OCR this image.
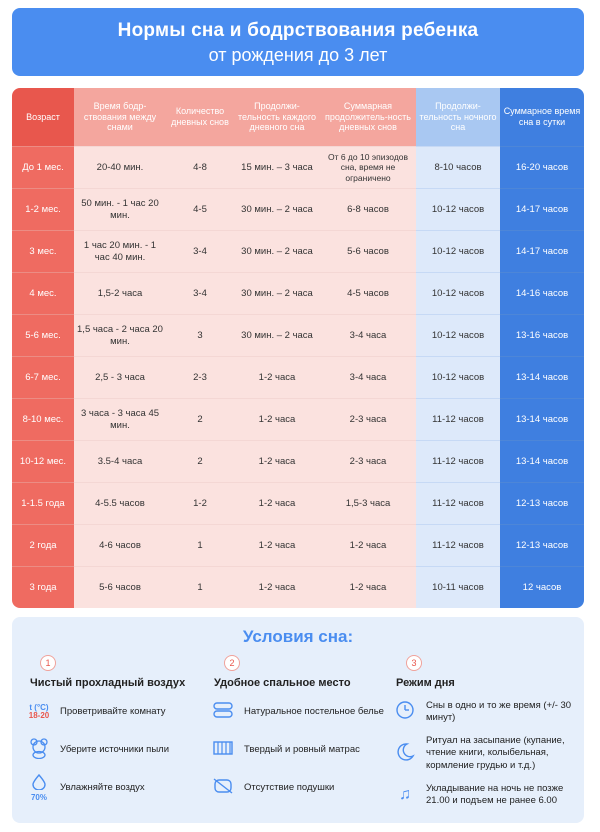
Нормы сна и бодрствования ребенка
от рождения до 3 лет
Возраст	Время бодр-ствования между снами	Количество дневных снов	Продолжи-тельность каждого дневного сна	Суммарная продолжитель-ность дневных снов	Продолжи-тельность ночного сна	Суммарное время сна в сутки
До 1 мес.	20-40 мин.	4-8	15 мин. – 3 часа	От 6 до 10 эпизодов сна, время не ограничено	8-10 часов	16-20 часов
1-2 мес.	50 мин. - 1 час 20 мин.	4-5	30 мин. – 2 часа	6-8 часов	10-12 часов	14-17 часов
3 мес.	1 час 20 мин. - 1 час 40 мин.	3-4	30 мин. – 2 часа	5-6 часов	10-12 часов	14-17 часов
4 мес.	1,5-2 часа	3-4	30 мин. – 2 часа	4-5 часов	10-12 часов	14-16 часов
5-6 мес.	1,5 часа - 2 часа 20 мин.	3	30 мин. – 2 часа	3-4 часа	10-12 часов	13-16 часов
6-7 мес.	2,5 - 3 часа	2-3	1-2 часа	3-4 часа	10-12 часов	13-14 часов
8-10 мес.	3 часа - 3 часа 45 мин.	2	1-2 часа	2-3 часа	11-12 часов	13-14 часов
10-12 мес.	3.5-4 часа	2	1-2 часа	2-3 часа	11-12 часов	13-14 часов
1-1.5 года	4-5.5 часов	1-2	1-2 часа	1,5-3 часа	11-12 часов	12-13 часов
2 года	4-6 часов	1	1-2 часа	1-2 часа	11-12 часов	12-13 часов
3 года	5-6 часов	1	1-2 часа	1-2 часа	10-11 часов	12 часов
Условия сна:
1
Чистый прохладный воздух
t (°C)
18-20	Проветривайте комнату
Уберите источники пыли
70%
Увлажняйте воздух
2
Удобное спальное место
Натуральное постельное белье
Твердый и ровный матрас
Отсутствие подушки
3
Режим дня
Сны в одно и то же время (+/- 30 минут)
Ритуал на засыпание (купание, чтение книги, колыбельная, кормление грудью и т.д.)
♫	Укладывание на ночь не позже 21.00 и подъем не ранее 6.00
